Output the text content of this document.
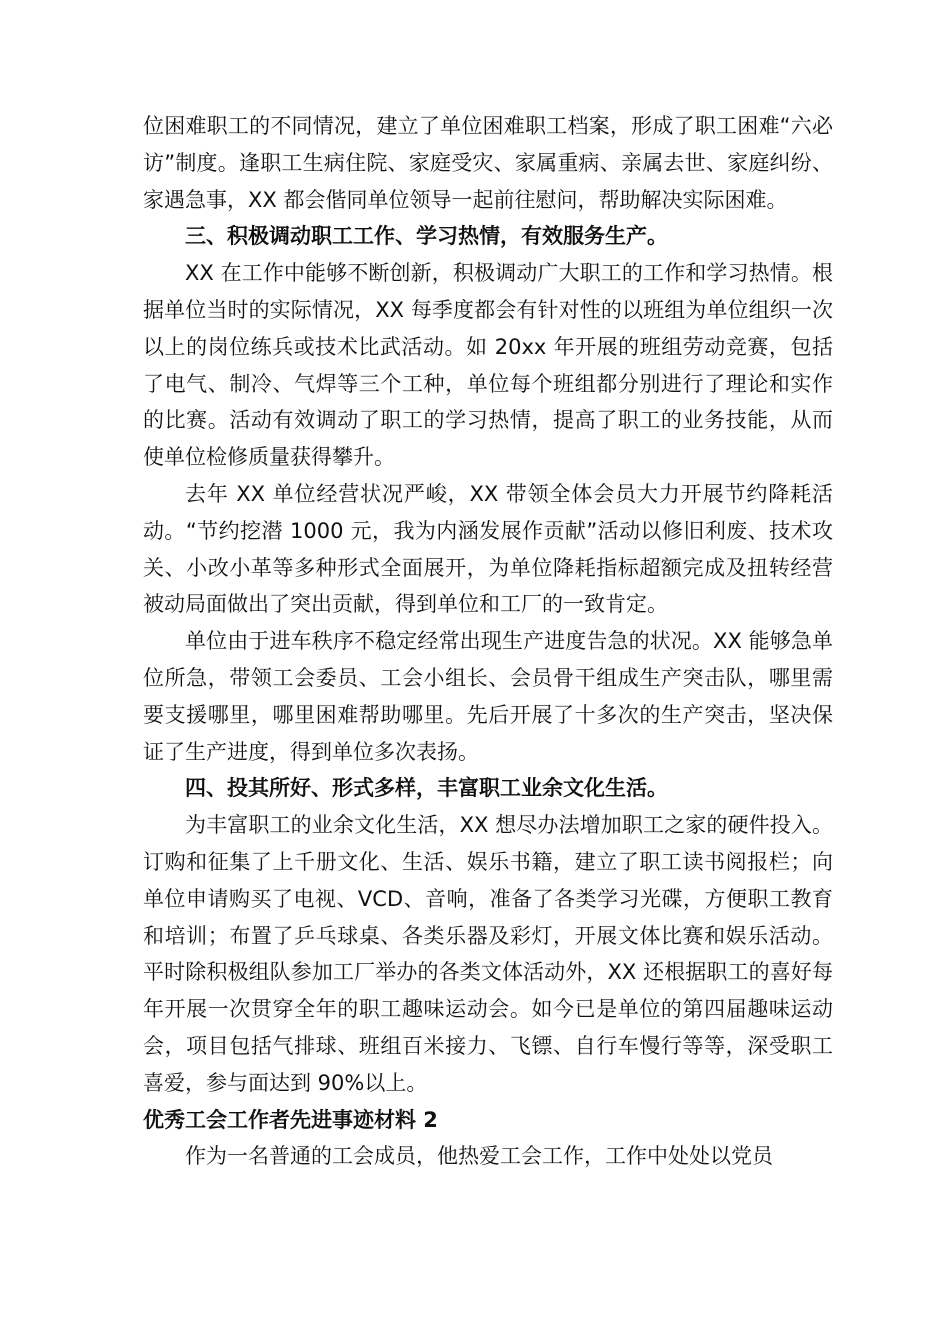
位困难职工的不同情况，建立了单位困难职工档案，形成了职工困难“六必访”制度。逢职工生病住院、家庭受灾、家属重病、亲属去世、家庭纠纷、家遇急事，XX 都会偕同单位领导一起前往慰问，帮助解决实际困难。

三、积极调动职工工作、学习热情，有效服务生产。

XX 在工作中能够不断创新，积极调动广大职工的工作和学习热情。根据单位当时的实际情况，XX 每季度都会有针对性的以班组为单位组织一次以上的岗位练兵或技术比武活动。如 20xx 年开展的班组劳动竞赛，包括了电气、制冷、气焊等三个工种，单位每个班组都分别进行了理论和实作的比赛。活动有效调动了职工的学习热情，提高了职工的业务技能，从而使单位检修质量获得攀升。

去年 XX 单位经营状况严峻，XX 带领全体会员大力开展节约降耗活动。“节约挖潜 1000 元，我为内涵发展作贡献”活动以修旧利废、技术攻关、小改小革等多种形式全面展开，为单位降耗指标超额完成及扭转经营被动局面做出了突出贡献，得到单位和工厂的一致肯定。

单位由于进车秩序不稳定经常出现生产进度告急的状况。XX 能够急单位所急，带领工会委员、工会小组长、会员骨干组成生产突击队，哪里需要支援哪里，哪里困难帮助哪里。先后开展了十多次的生产突击，坚决保证了生产进度，得到单位多次表扬。

四、投其所好、形式多样，丰富职工业余文化生活。

为丰富职工的业余文化生活，XX 想尽办法增加职工之家的硬件投入。订购和征集了上千册文化、生活、娱乐书籍，建立了职工读书阅报栏；向单位申请购买了电视、VCD、音响，准备了各类学习光碟，方便职工教育和培训；布置了乒乓球桌、各类乐器及彩灯，开展文体比赛和娱乐活动。平时除积极组队参加工厂举办的各类文体活动外，XX 还根据职工的喜好每年开展一次贯穿全年的职工趣味运动会。如今已是单位的第四届趣味运动会，项目包括气排球、班组百米接力、飞镖、自行车慢行等等，深受职工喜爱，参与面达到 90%以上。

优秀工会工作者先进事迹材料 2

作为一名普通的工会成员，他热爱工会工作，工作中处处以党员
